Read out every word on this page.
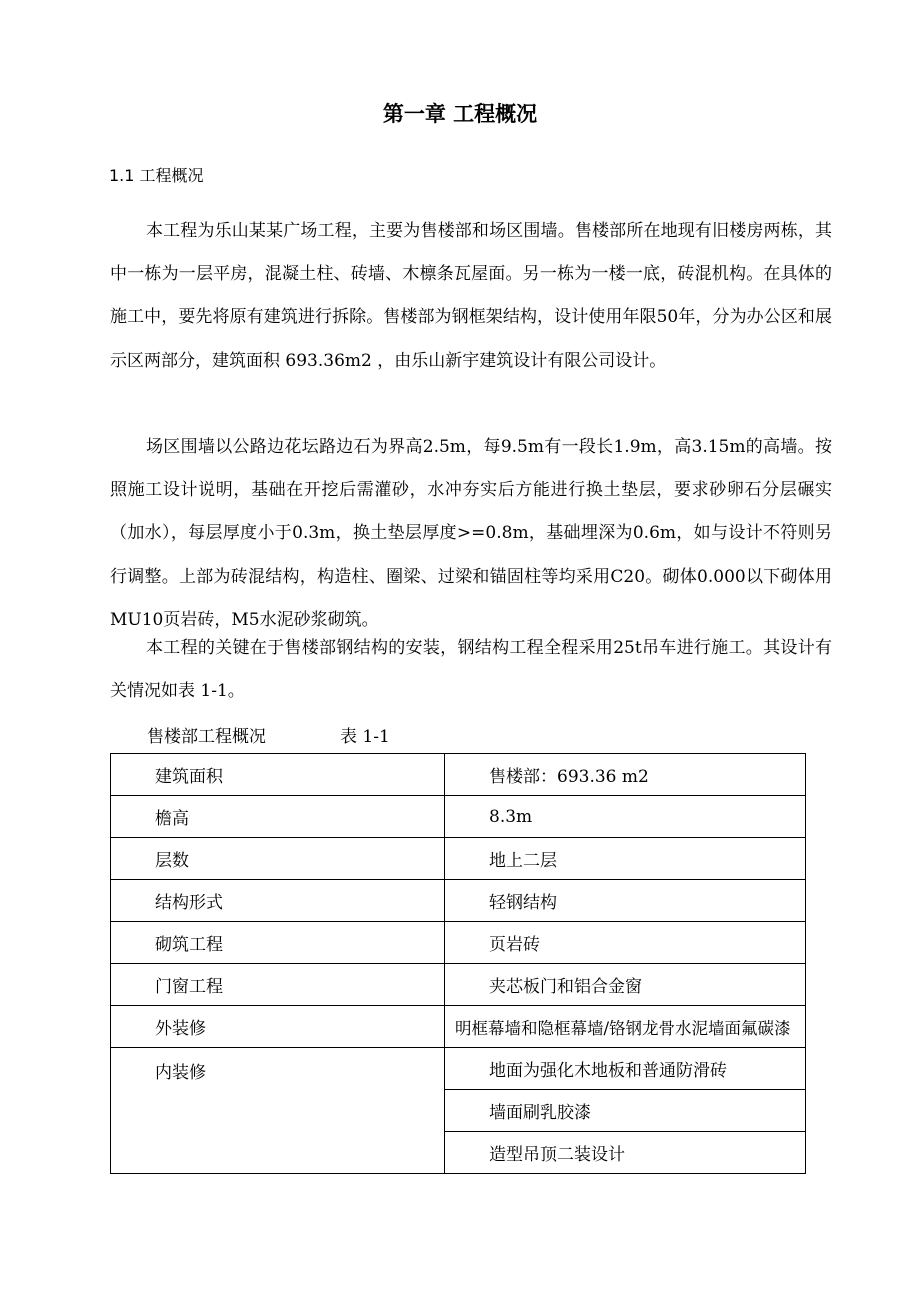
第一章 工程概况
1.1 工程概况

本工程为乐山某某广场工程，主要为售楼部和场区围墙。售楼部所在地现有旧楼房两栋，其中一栋为一层平房，混凝土柱、砖墙、木檩条瓦屋面。另一栋为一楼一底，砖混机构。在具体的施工中，要先将原有建筑进行拆除。售楼部为钢框架结构，设计使用年限50年，分为办公区和展示区两部分，建筑面积 693.36m2 ，由乐山新宇建筑设计有限公司设计。

场区围墙以公路边花坛路边石为界高2.5m，每9.5m有一段长1.9m，高3.15m的高墙。按照施工设计说明，基础在开挖后需灌砂，水冲夯实后方能进行换土垫层，要求砂卵石分层碾实（加水），每层厚度小于0.3m，换土垫层厚度>=0.8m，基础埋深为0.6m，如与设计不符则另行调整。上部为砖混结构，构造柱、圈梁、过梁和锚固柱等均采用C20。砌体0.000以下砌体用MU10页岩砖，M5水泥砂浆砌筑。

本工程的关键在于售楼部钢结构的安装，钢结构工程全程采用25t吊车进行施工。其设计有关情况如表 1-1。

售楼部工程概况	表 1-1
建筑面积	售楼部：693.36 m2
檐高	8.3m
层数	地上二层
结构形式	轻钢结构
砌筑工程	页岩砖
门窗工程	夹芯板门和铝合金窗
外装修	明框幕墙和隐框幕墙/铬钢龙骨水泥墙面氟碳漆
内装修	地面为强化木地板和普通防滑砖
	墙面刷乳胶漆
	造型吊顶二装设计
